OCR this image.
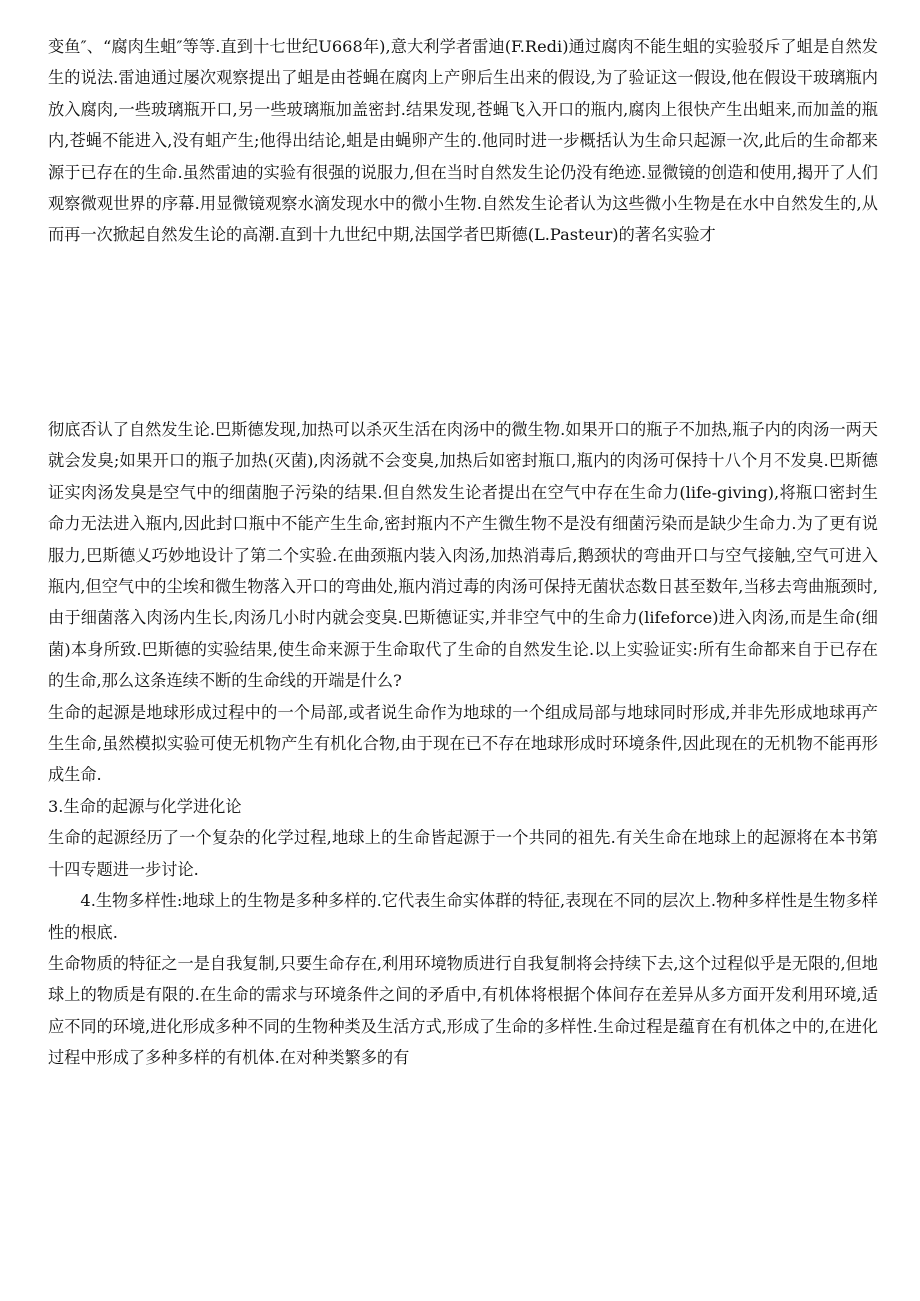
变鱼″、“腐肉生蛆″等等.直到十七世纪U668年),意大利学者雷迪(F.Redi)通过腐肉不能生蛆的实验驳斥了蛆是自然发生的说法.雷迪通过屡次观察提出了蛆是由苍蝇在腐肉上产卵后生出来的假设,为了验证这一假设,他在假设干玻璃瓶内放入腐肉,一些玻璃瓶开口,另一些玻璃瓶加盖密封.结果发现,苍蝇飞入开口的瓶内,腐肉上很快产生出蛆来,而加盖的瓶内,苍蝇不能进入,没有蛆产生;他得出结论,蛆是由蝇卵产生的.他同时进一步概括认为生命只起源一次,此后的生命都来源于已存在的生命.虽然雷迪的实验有很强的说服力,但在当时自然发生论仍没有绝迹.显微镜的创造和使用,揭开了人们观察微观世界的序幕.用显微镜观察水滴发现水中的微小生物.自然发生论者认为这些微小生物是在水中自然发生的,从而再一次掀起自然发生论的高潮.直到十九世纪中期,法国学者巴斯德(L.Pasteur)的著名实验才

彻底否认了自然发生论.巴斯德发现,加热可以杀灭生活在肉汤中的微生物.如果开口的瓶子不加热,瓶子内的肉汤一两天就会发臭;如果开口的瓶子加热(灭菌),肉汤就不会变臭,加热后如密封瓶口,瓶内的肉汤可保持十八个月不发臭.巴斯德证实肉汤发臭是空气中的细菌胞子污染的结果.但自然发生论者提出在空气中存在生命力(life-giving),将瓶口密封生命力无法进入瓶内,因此封口瓶中不能产生生命,密封瓶内不产生微生物不是没有细菌污染而是缺少生命力.为了更有说服力,巴斯德乂巧妙地设计了第二个实验.在曲颈瓶内装入肉汤,加热消毒后,鹅颈状的弯曲开口与空气接触,空气可进入瓶内,但空气中的尘埃和微生物落入开口的弯曲处,瓶内消过毒的肉汤可保持无菌状态数日甚至数年,当移去弯曲瓶颈时,由于细菌落入肉汤内生长,肉汤几小时内就会变臭.巴斯德证实,并非空气中的生命力(lifeforce)进入肉汤,而是生命(细菌)本身所致.巴斯德的实验结果,使生命来源于生命取代了生命的自然发生论.以上实验证实:所有生命都来自于已存在的生命,那么这条连续不断的生命线的开端是什么?

生命的起源是地球形成过程中的一个局部,或者说生命作为地球的一个组成局部与地球同时形成,并非先形成地球再产生生命,虽然模拟实验可使无机物产生有机化合物,由于现在已不存在地球形成时环境条件,因此现在的无机物不能再形成生命.

3.生命的起源与化学进化论

生命的起源经历了一个复杂的化学过程,地球上的生命皆起源于一个共同的祖先.有关生命在地球上的起源将在本书第十四专题进一步讨论.

4.生物多样性:地球上的生物是多种多样的.它代表生命实体群的特征,表现在不同的层次上.物种多样性是生物多样性的根底.

生命物质的特征之一是自我复制,只要生命存在,利用环境物质进行自我复制将会持续下去,这个过程似乎是无限的,但地球上的物质是有限的.在生命的需求与环境条件之间的矛盾中,有机体将根据个体间存在差异从多方面开发利用环境,适应不同的环境,进化形成多种不同的生物种类及生活方式,形成了生命的多样性.生命过程是蕴育在有机体之中的,在进化过程中形成了多种多样的有机体.在对种类繁多的有
